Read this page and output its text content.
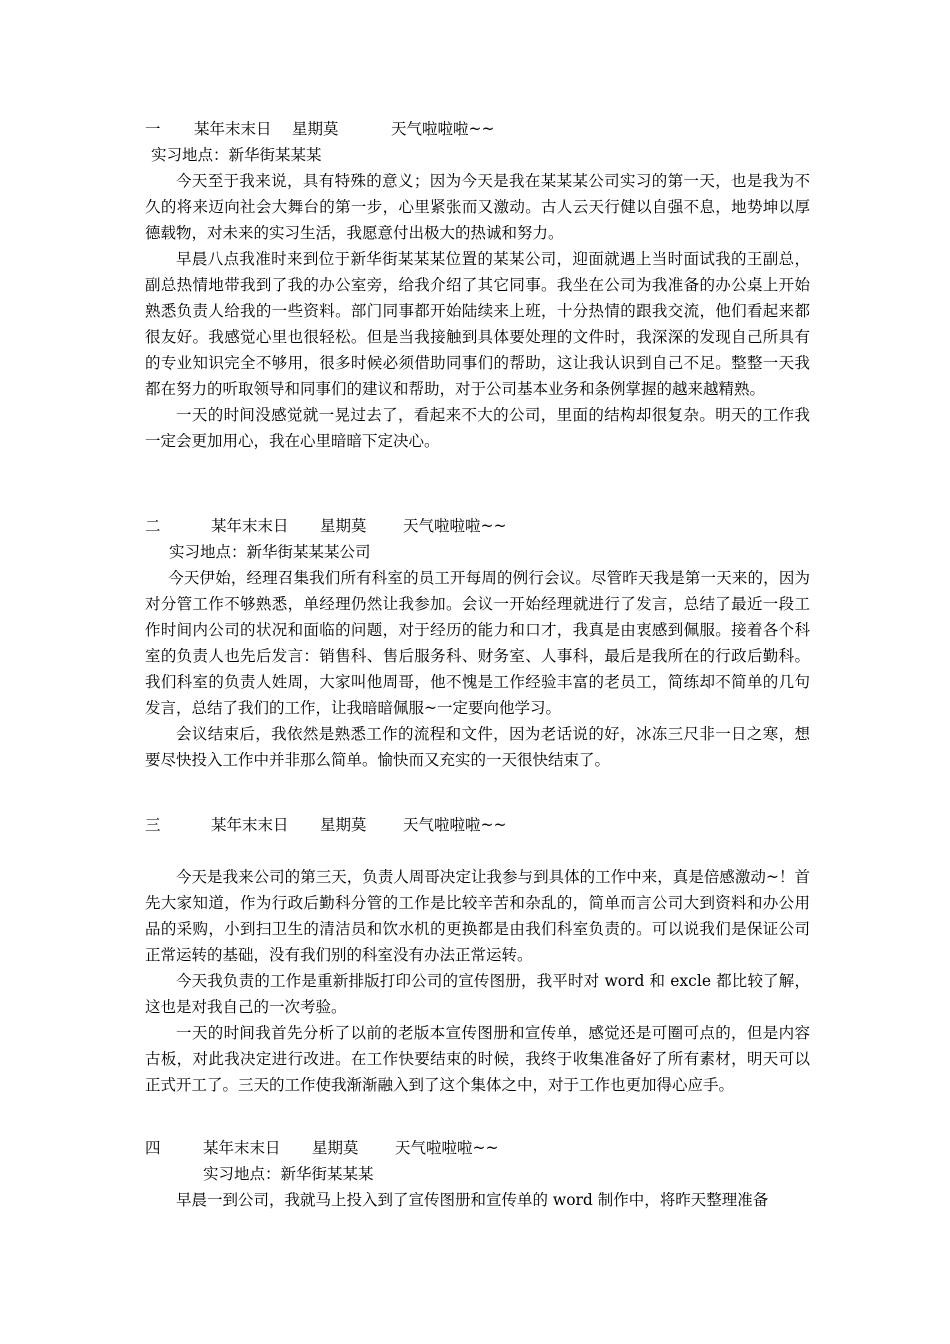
一 某年末末日 星期莫	天气啦啦啦~~
实习地点：新华街某某某

今天至于我来说，具有特殊的意义；因为今天是我在某某某公司实习的第一天，也是我为不久的将来迈向社会大舞台的第一步，心里紧张而又激动。古人云天行健以自强不息，地势坤以厚德载物，对未来的实习生活，我愿意付出极大的热诚和努力。

早晨八点我准时来到位于新华街某某某位置的某某公司，迎面就遇上当时面试我的王副总，副总热情地带我到了我的办公室旁，给我介绍了其它同事。我坐在公司为我准备的办公桌上开始熟悉负责人给我的一些资料。部门同事都开始陆续来上班，十分热情的跟我交流，他们看起来都很友好。我感觉心里也很轻松。但是当我接触到具体要处理的文件时，我深深的发现自己所具有的专业知识完全不够用，很多时候必须借助同事们的帮助，这让我认识到自己不足。整整一天我都在努力的听取领导和同事们的建议和帮助，对于公司基本业务和条例掌握的越来越精熟。

一天的时间没感觉就一晃过去了，看起来不大的公司，里面的结构却很复杂。明天的工作我一定会更加用心，我在心里暗暗下定决心。

二	某年末末日 星期莫 天气啦啦啦~~
实习地点：新华街某某某公司

今天伊始，经理召集我们所有科室的员工开每周的例行会议。尽管昨天我是第一天来的，因为对分管工作不够熟悉，单经理仍然让我参加。会议一开始经理就进行了发言，总结了最近一段工作时间内公司的状况和面临的问题，对于经历的能力和口才，我真是由衷感到佩服。接着各个科室的负责人也先后发言：销售科、售后服务科、财务室、人事科，最后是我所在的行政后勤科。我们科室的负责人姓周，大家叫他周哥，他不愧是工作经验丰富的老员工，简练却不简单的几句发言，总结了我们的工作，让我暗暗佩服~一定要向他学习。

会议结束后，我依然是熟悉工作的流程和文件，因为老话说的好，冰冻三尺非一日之寒，想要尽快投入工作中并非那么简单。愉快而又充实的一天很快结束了。

三	某年末末日 星期莫 天气啦啦啦~~

今天是我来公司的第三天，负责人周哥决定让我参与到具体的工作中来，真是倍感激动~！首先大家知道，作为行政后勤科分管的工作是比较辛苦和杂乱的，简单而言公司大到资料和办公用品的采购，小到扫卫生的清洁员和饮水机的更换都是由我们科室负责的。可以说我们是保证公司正常运转的基础，没有我们别的科室没有办法正常运转。

今天我负责的工作是重新排版打印公司的宣传图册，我平时对 word 和 excle 都比较了解，这也是对我自己的一次考验。

一天的时间我首先分析了以前的老版本宣传图册和宣传单，感觉还是可圈可点的，但是内容古板，对此我决定进行改进。在工作快要结束的时候，我终于收集准备好了所有素材，明天可以正式开工了。三天的工作使我渐渐融入到了这个集体之中，对于工作也更加得心应手。

四	某年末末日 星期莫 天气啦啦啦~~
实习地点：新华街某某某

早晨一到公司，我就马上投入到了宣传图册和宣传单的 word 制作中，将昨天整理准备
